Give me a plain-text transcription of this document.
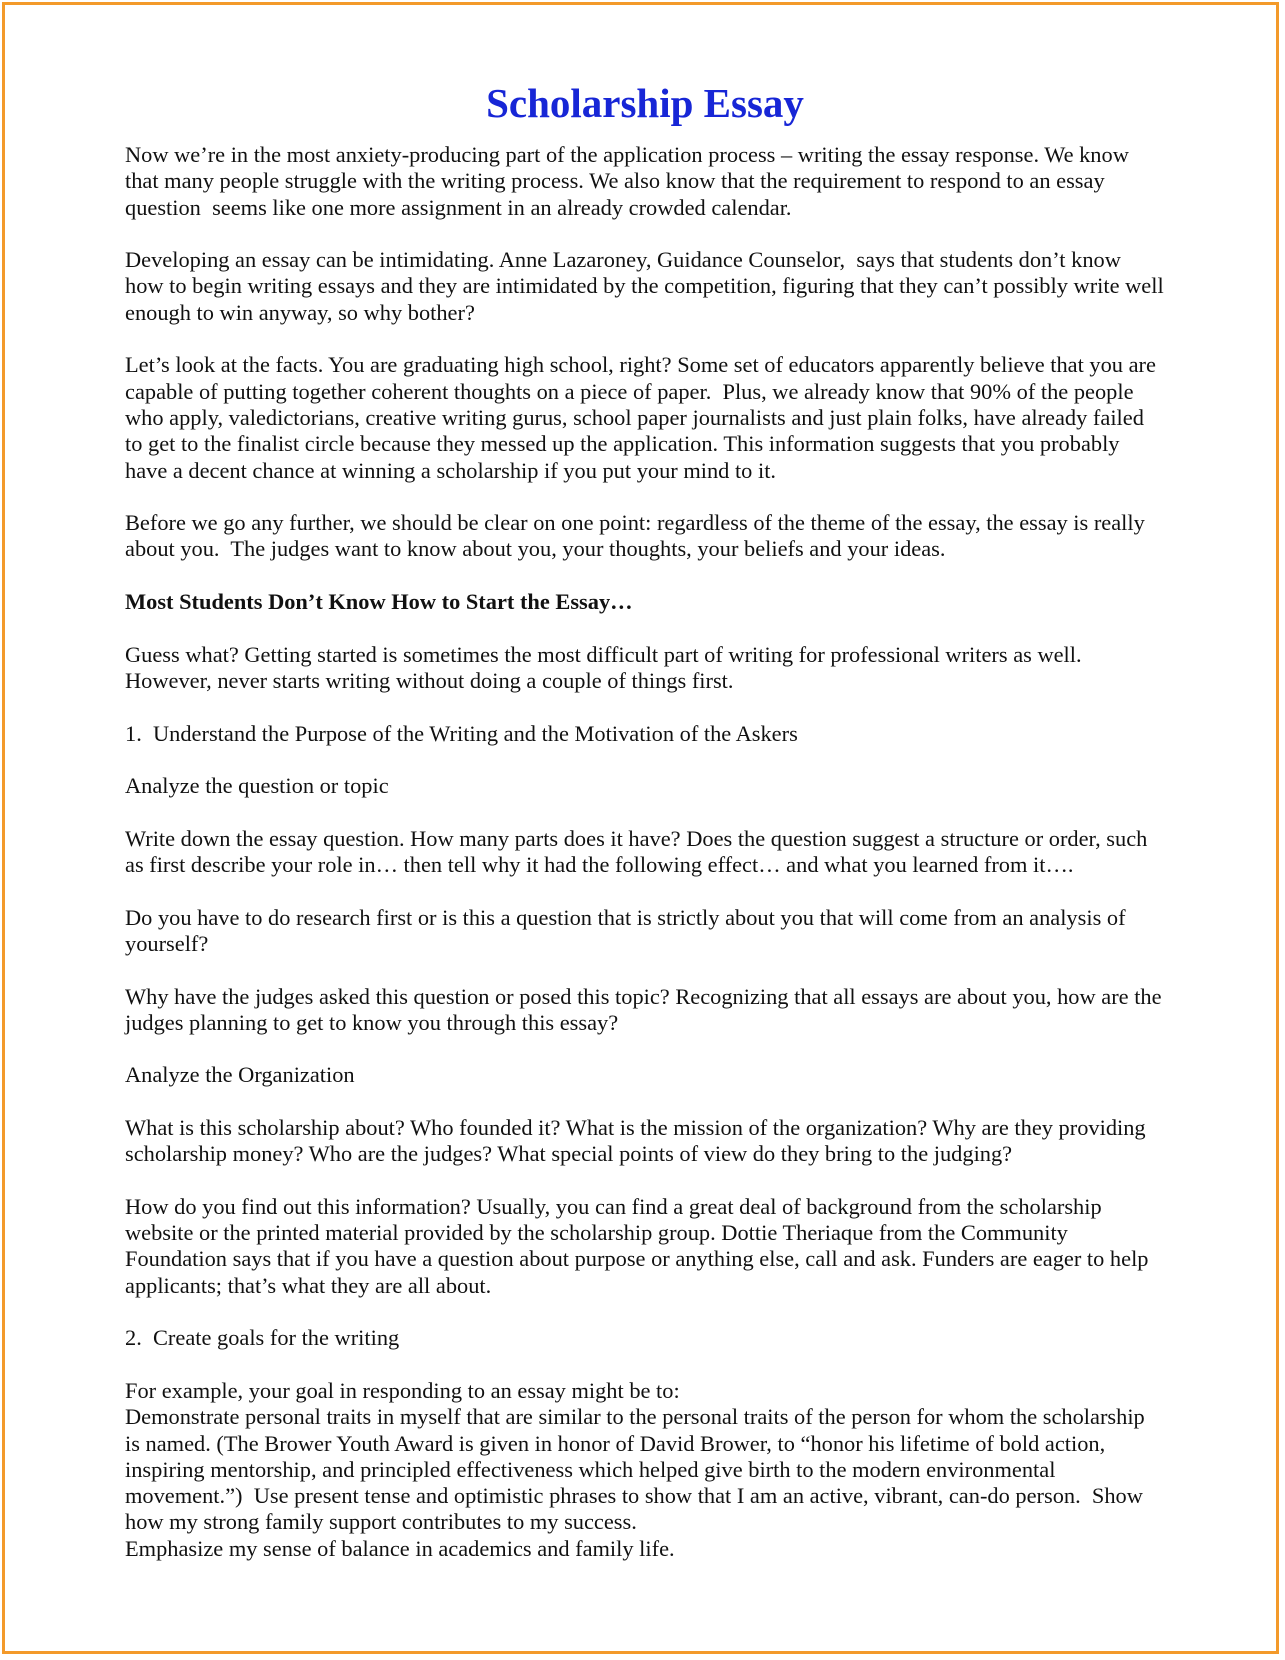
Scholarship Essay

Now we’re in the most anxiety-producing part of the application process – writing the essay response. We know that many people struggle with the writing process. We also know that the requirement to respond to an essay question  seems like one more assignment in an already crowded calendar.

Developing an essay can be intimidating. Anne Lazaroney, Guidance Counselor,  says that students don’t know how to begin writing essays and they are intimidated by the competition, figuring that they can’t possibly write well enough to win anyway, so why bother?

Let’s look at the facts. You are graduating high school, right? Some set of educators apparently believe that you are capable of putting together coherent thoughts on a piece of paper.  Plus, we already know that 90% of the people who apply, valedictorians, creative writing gurus, school paper journalists and just plain folks, have already failed to get to the finalist circle because they messed up the application. This information suggests that you probably have a decent chance at winning a scholarship if you put your mind to it.

Before we go any further, we should be clear on one point: regardless of the theme of the essay, the essay is really about you.  The judges want to know about you, your thoughts, your beliefs and your ideas.

Most Students Don’t Know How to Start the Essay…

Guess what? Getting started is sometimes the most difficult part of writing for professional writers as well. However, never starts writing without doing a couple of things first.

1.  Understand the Purpose of the Writing and the Motivation of the Askers

Analyze the question or topic

Write down the essay question. How many parts does it have? Does the question suggest a structure or order, such as first describe your role in… then tell why it had the following effect… and what you learned from it….

Do you have to do research first or is this a question that is strictly about you that will come from an analysis of yourself?

Why have the judges asked this question or posed this topic? Recognizing that all essays are about you, how are the judges planning to get to know you through this essay?

Analyze the Organization

What is this scholarship about? Who founded it? What is the mission of the organization? Why are they providing scholarship money? Who are the judges? What special points of view do they bring to the judging?

How do you find out this information? Usually, you can find a great deal of background from the scholarship website or the printed material provided by the scholarship group. Dottie Theriaque from the Community Foundation says that if you have a question about purpose or anything else, call and ask. Funders are eager to help applicants; that’s what they are all about.

2.  Create goals for the writing

For example, your goal in responding to an essay might be to:

Demonstrate personal traits in myself that are similar to the personal traits of the person for whom the scholarship is named. (The Brower Youth Award is given in honor of David Brower, to “honor his lifetime of bold action, inspiring mentorship, and principled effectiveness which helped give birth to the modern environmental movement.”)  Use present tense and optimistic phrases to show that I am an active, vibrant, can-do person.  Show how my strong family support contributes to my success.

Emphasize my sense of balance in academics and family life.
